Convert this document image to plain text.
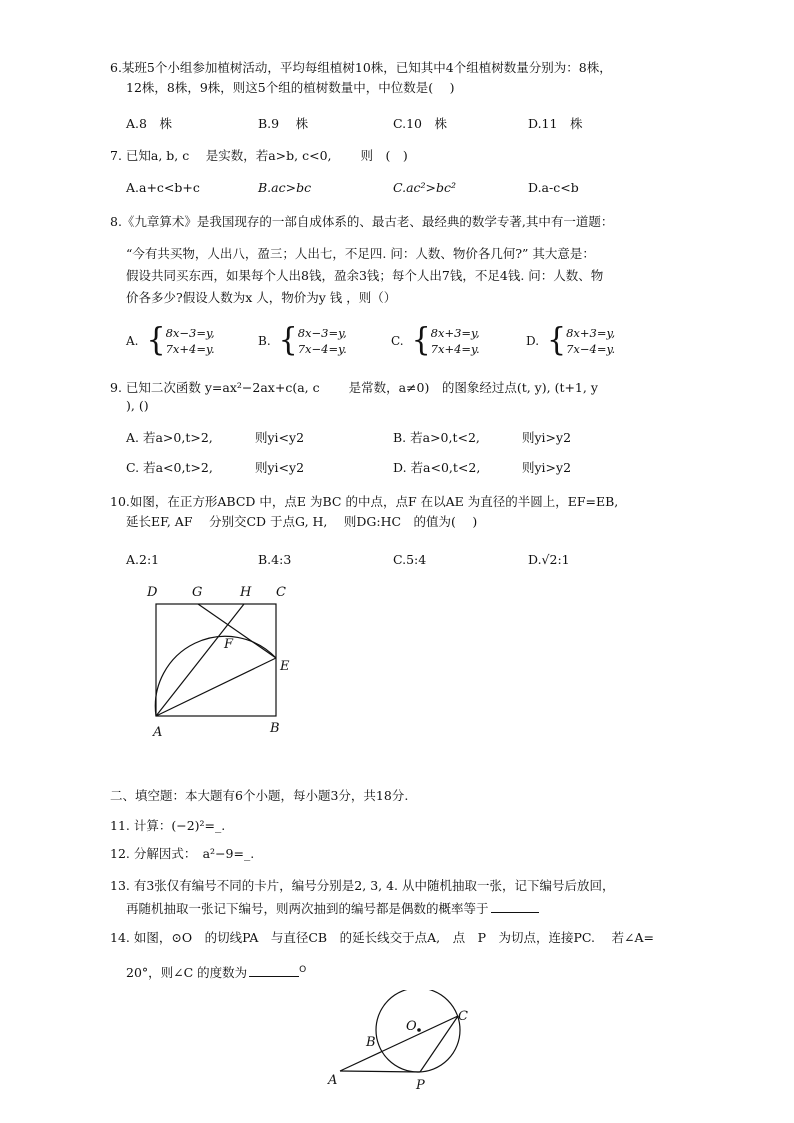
6.某班5个小组参加植树活动，平均每组植树10株，已知其中4个组植树数量分别为：8株，
12株，8株，9株，则这5个组的植树数量中，中位数是(　 )
A.8　株	B.9　 株	C.10　株	D.11　株
7. 已知a, b, c　 是实数，若a>b, c<0,　　 则　(　)
A.a+c<b+c	B.ac>bc	C.ac²>bc²	D.a-c<b
8.《九章算术》是我国现存的一部自成体系的、最古老、最经典的数学专著,其中有一道题：
“今有共买物，人出八，盈三；人出七，不足四. 问：人数、物价各几何?” 其大意是：
假设共同买东西，如果每个人出8钱，盈余3钱；每个人出7钱，不足4钱. 问：人数、物
价各多少?假设人数为x 人，物价为y 钱 ，则（）
A. { 8x−3=y,
7x+4=y.
B. { 8x−3=y,
7x−4=y.
C. { 8x+3=y,
7x+4=y.
D. { 8x+3=y,
7x−4=y.
9. 已知二次函数 y=ax²−2ax+c(a, c　　 是常数，a≠0)　的图象经过点(t, y), (t+1, y
), ()
A. 若a>0,t>2,	则yi<y2	B. 若a>0,t<2,	则yi>y2
C. 若a<0,t>2,	则yi<y2	D. 若a<0,t<2,	则yi>y2
10.如图，在正方形ABCD 中，点E 为BC 的中点，点F 在以AE 为直径的半圆上，EF=EB,
延长EF, AF　 分别交CD 于点G, H,　 则DG:HC　的值为(　 )
A.2:1	B.4:3	C.5:4	D.√2:1
D	G	H C
F
E
A	B
二、填空题：本大题有6个小题，每小题3分，共18分.
11. 计算：(−2)²=_.
12. 分解因式：　a²−9=_.
13. 有3张仅有编号不同的卡片，编号分别是2, 3, 4. 从中随机抽取一张，记下编号后放回，
再随机抽取一张记下编号，则两次抽到的编号都是偶数的概率等于
14. 如图，⊙O　的切线PA　与直径CB　的延长线交于点A,　点　P　为切点，连接PC.　 若∠A=
20°，则∠C 的度数为	$^O$
O
C
B
A	P
